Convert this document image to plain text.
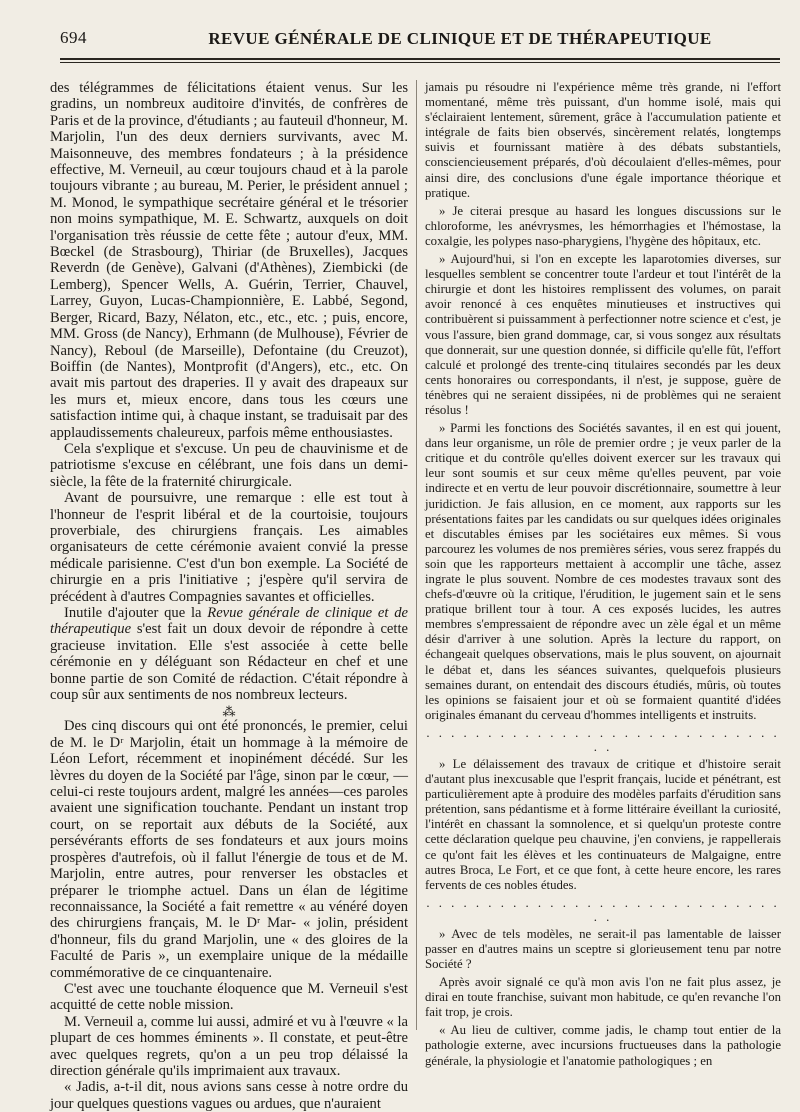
694	REVUE GÉNÉRALE DE CLINIQUE ET DE THÉRAPEUTIQUE

des télégrammes de félicitations étaient venus. Sur les gradins, un nombreux auditoire d'invités, de confrères de Paris et de la province, d'étudiants ; au fauteuil d'honneur, M. Marjolin, l'un des deux derniers survivants, avec M. Maisonneuve, des membres fondateurs ; à la présidence effective, M. Verneuil, au cœur toujours chaud et à la parole toujours vibrante ; au bureau, M. Perier, le président annuel ; M. Monod, le sympathique secrétaire général et le trésorier non moins sympathique, M. E. Schwartz, auxquels on doit l'organisation très réussie de cette fête ; autour d'eux, MM. Bœckel (de Strasbourg), Thiriar (de Bruxelles), Jacques Reverdn (de Genève), Galvani (d'Athènes), Ziembicki (de Lemberg), Spencer Wells, A. Guérin, Terrier, Chauvel, Larrey, Guyon, Lucas-Championnière, E. Labbé, Segond, Berger, Ricard, Bazy, Nélaton, etc., etc., etc. ; puis, encore, MM. Gross (de Nancy), Erhmann (de Mulhouse), Février de Nancy), Reboul (de Marseille), Defontaine (du Creuzot), Boiffin (de Nantes), Montprofit (d'Angers), etc., etc. On avait mis partout des draperies. Il y avait des drapeaux sur les murs et, mieux encore, dans tous les cœurs une satisfaction intime qui, à chaque instant, se traduisait par des applaudissements chaleureux, parfois même enthousiastes.

Cela s'explique et s'excuse. Un peu de chauvinisme et de patriotisme s'excuse en célébrant, une fois dans un demi-siècle, la fête de la fraternité chirurgicale.

Avant de poursuivre, une remarque : elle est tout à l'honneur de l'esprit libéral et de la courtoisie, toujours proverbiale, des chirurgiens français. Les aimables organisateurs de cette cérémonie avaient convié la presse médicale parisienne. C'est d'un bon exemple. La Société de chirurgie en a pris l'initiative ; j'espère qu'il servira de précédent à d'autres Compagnies savantes et officielles.

Inutile d'ajouter que la Revue générale de clinique et de thérapeutique s'est fait un doux devoir de répondre à cette gracieuse invitation. Elle s'est associée à cette belle cérémonie en y déléguant son Rédacteur en chef et une bonne partie de son Comité de rédaction. C'était répondre à coup sûr aux sentiments de nos nombreux lecteurs.

⁂

Des cinq discours qui ont été prononcés, le premier, celui de M. le Dʳ Marjolin, était un hommage à la mémoire de Léon Lefort, récemment et inopinément décédé. Sur les lèvres du doyen de la Société par l'âge, sinon par le cœur, — celui-ci reste toujours ardent, malgré les années—ces paroles avaient une signification touchante. Pendant un instant trop court, on se reportait aux débuts de la Société, aux persévérants efforts de ses fondateurs et aux jours moins prospères d'autrefois, où il fallut l'énergie de tous et de M. Marjolin, entre autres, pour renverser les obstacles et préparer le triomphe actuel. Dans un élan de légitime reconnaissance, la Société a fait remettre « au vénéré doyen des chirurgiens français, M. le Dʳ Mar- « jolin, président d'honneur, fils du grand Marjolin, une « des gloires de la Faculté de Paris », un exemplaire unique de la médaille commémorative de ce cinquantenaire.

C'est avec une touchante éloquence que M. Verneuil s'est acquitté de cette noble mission.

M. Verneuil a, comme lui aussi, admiré et vu à l'œuvre « la plupart de ces hommes éminents ». Il constate, et peut-être avec quelques regrets, qu'on a un peu trop délaissé la direction générale qu'ils imprimaient aux travaux.

« Jadis, a-t-il dit, nous avions sans cesse à notre ordre du jour quelques questions vagues ou ardues, que n'auraient

jamais pu résoudre ni l'expérience même très grande, ni l'effort momentané, même très puissant, d'un homme isolé, mais qui s'éclairaient lentement, sûrement, grâce à l'accumulation patiente et intégrale de faits bien observés, sincèrement relatés, longtemps suivis et fournissant matière à des débats substantiels, consciencieusement préparés, d'où découlaient d'elles-mêmes, pour ainsi dire, des conclusions d'une égale importance théorique et pratique.

» Je citerai presque au hasard les longues discussions sur le chloroforme, les anévrysmes, les hémorrhagies et l'hémostase, la coxalgie, les polypes naso-pharygiens, l'hygène des hôpitaux, etc.

» Aujourd'hui, si l'on en excepte les laparotomies diverses, sur lesquelles semblent se concentrer toute l'ardeur et tout l'intérêt de la chirurgie et dont les histoires remplissent des volumes, on parait avoir renoncé à ces enquêtes minutieuses et instructives qui contribuèrent si puissamment à perfectionner notre science et c'est, je vous l'assure, bien grand dommage, car, si vous songez aux résultats que donnerait, sur une question donnée, si difficile qu'elle fût, l'effort calculé et prolongé des trente-cinq titulaires secondés par les deux cents honoraires ou correspondants, il n'est, je suppose, guère de ténèbres qui ne seraient dissipées, ni de problèmes qui ne seraient résolus !

» Parmi les fonctions des Sociétés savantes, il en est qui jouent, dans leur organisme, un rôle de premier ordre ; je veux parler de la critique et du contrôle qu'elles doivent exercer sur les travaux qui leur sont soumis et sur ceux même qu'elles peuvent, par voie indirecte et en vertu de leur pouvoir discrétionnaire, soumettre à leur juridiction. Je fais allusion, en ce moment, aux rapports sur les présentations faites par les candidats ou sur quelques idées originales et discutables émises par les sociétaires eux mêmes. Si vous parcourez les volumes de nos premières séries, vous serez frappés du soin que les rapporteurs mettaient à accomplir une tâche, assez ingrate le plus souvent. Nombre de ces modestes travaux sont des chefs-d'œuvre où la critique, l'érudition, le jugement sain et le sens pratique brillent tour à tour. A ces exposés lucides, les autres membres s'empressaient de répondre avec un zèle égal et un même désir d'arriver à une solution. Après la lecture du rapport, on échangeait quelques observations, mais le plus souvent, on ajournait le débat et, dans les séances suivantes, quelquefois plusieurs semaines durant, on entendait des discours étudiés, mûris, où toutes les opinions se faisaient jour et où se formaient quantité d'idées originales émanant du cerveau d'hommes intelligents et instruits.

. . . . . . . . . . . . . . . . . . . . . . . . . . . . . . .

» Le délaissement des travaux de critique et d'histoire serait d'autant plus inexcusable que l'esprit français, lucide et pénétrant, est particulièrement apte à produire des modèles parfaits d'érudition sans prétention, sans pédantisme et à forme littéraire éveillant la curiosité, l'intérêt en chassant la somnolence, et si quelqu'un proteste contre cette déclaration quelque peu chauvine, j'en conviens, je rappellerais ce qu'ont fait les élèves et les continuateurs de Malgaigne, entre autres Broca, Le Fort, et ce que font, à cette heure encore, les rares fervents de ces nobles études.

. . . . . . . . . . . . . . . . . . . . . . . . . . . . . . .

» Avec de tels modèles, ne serait-il pas lamentable de laisser passer en d'autres mains un sceptre si glorieusement tenu par notre Société ?

Après avoir signalé ce qu'à mon avis l'on ne fait plus assez, je dirai en toute franchise, suivant mon habitude, ce qu'en revanche l'on fait trop, je crois.

« Au lieu de cultiver, comme jadis, le champ tout entier de la pathologie externe, avec incursions fructueuses dans la pathologie générale, la physiologie et l'anatomie pathologiques ; en
